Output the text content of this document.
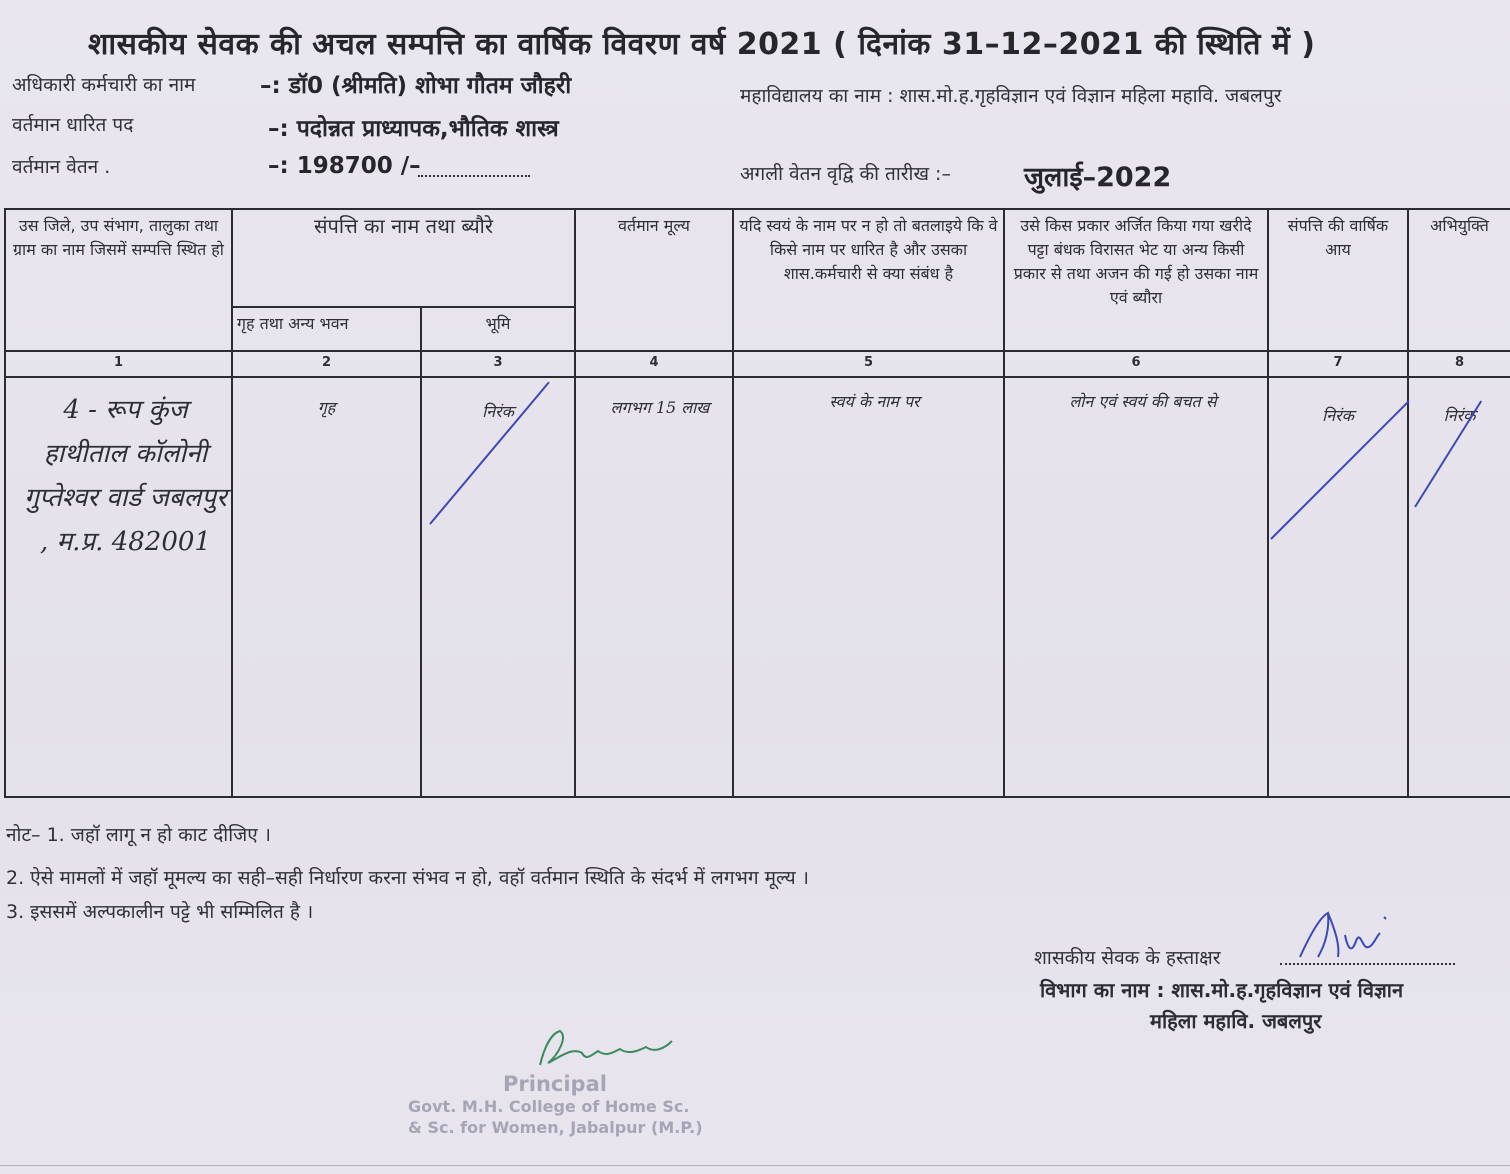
शासकीय सेवक की अचल सम्पत्ति का वार्षिक विवरण वर्ष 2021 ( दिनांक 31–12–2021 की स्थिति में )
अधिकारी कर्मचारी का नाम	–: डॉ0 (श्रीमति) शोभा गौतम जौहरी	महाविद्यालय का नाम : शास.मो.ह.गृहविज्ञान एवं विज्ञान महिला महावि. जबलपुर
वर्तमान धारित पद	–: पदोन्नत प्राध्यापक,भौतिक शास्त्र
वर्तमान वेतन .	–: 198700 /–	अगली वेतन वृद्वि की तारीख :–	जुलाई–2022
उस जिले, उप संभाग, तालुका तथा ग्राम का नाम जिसमें सम्पत्ति स्थित हो	संपत्ति का नाम तथा ब्यौरे		वर्तमान मूल्य	यदि स्वयं के नाम पर न हो तो बतलाइये कि वे किसे नाम पर धारित है और उसका शास.कर्मचारी से क्या संबंध है	उसे किस प्रकार अर्जित किया गया खरीदे पट्टा बंधक विरासत भेट या अन्य किसी प्रकार से तथा अजन की गई हो उसका नाम एवं ब्यौरा	संपत्ति की वार्षिक आय	अभियुक्ति
	गृह तथा अन्य भवन	भूमि					
1	2	3	4	5	6	7	8
4 - रूप कुंज हाथीताल कॉलोनी गुप्तेश्वर वार्ड जबलपुर , म.प्र. 482001	गृह	निरंक	लगभग 15 लाख	स्वयं के नाम पर	लोन एवं स्वयं की बचत से	निरंक	निरंक
नोट– 1. जहॉ लागू न हो काट दीजिए ।
2. ऐसे मामलों में जहॉ मूमल्य का सही–सही निर्धारण करना संभव न हो, वहॉ वर्तमान स्थिति के संदर्भ में लगभग मूल्य ।
3. इससमें अल्पकालीन पट्टे भी सम्मिलित है ।
शासकीय सेवक के हस्ताक्षर
विभाग का नाम : शास.मो.ह.गृहविज्ञान एवं विज्ञान
महिला महावि. जबलपुर
Principal
Govt. M.H. College of Home Sc.
& Sc. for Women, Jabalpur (M.P.)
